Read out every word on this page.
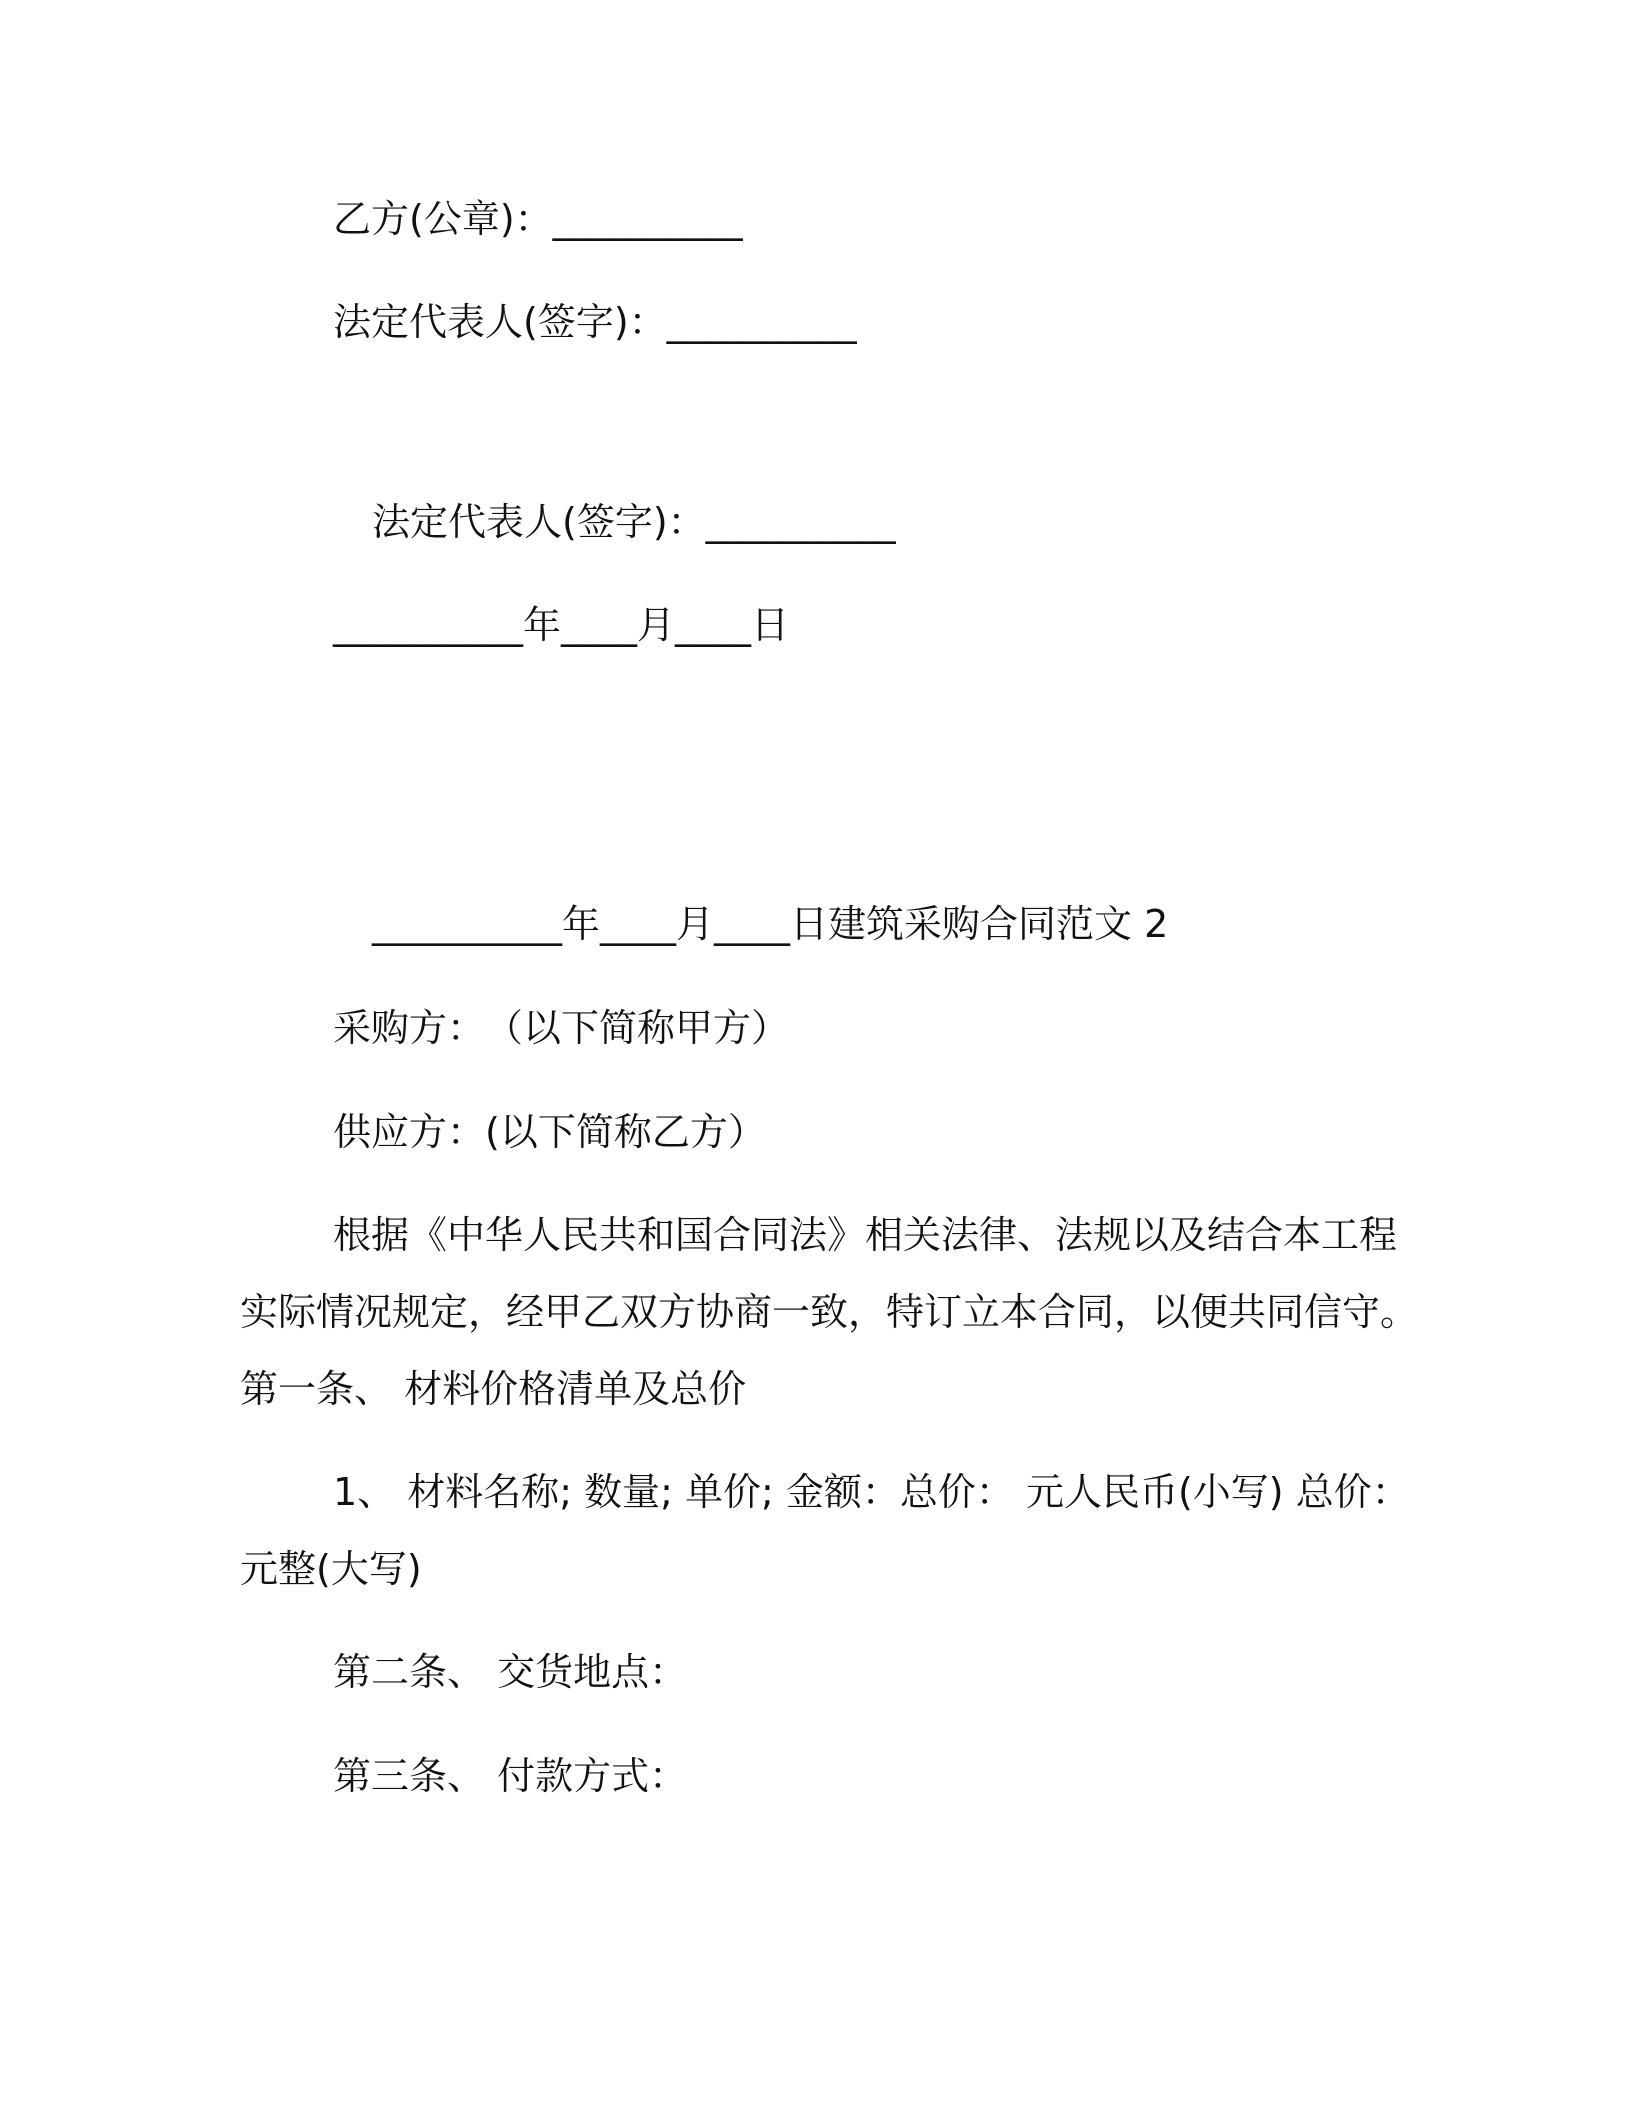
乙方(公章)：__________
法定代表人(签字)：__________
法定代表人(签字)：__________
__________年____月____日
__________年____月____日建筑采购合同范文 2
采购方：　（以下简称甲方）
供应方：(以下简称乙方）
根据《中华人民共和国合同法》相关法律、法规以及结合本工程
实际情况规定，经甲乙双方协商一致，特订立本合同，以便共同信守。
第一条、 材料价格清单及总价
1、 材料名称; 数量; 单价; 金额：总价： 元人民币(小写) 总价：
元整(大写)
第二条、 交货地点：
第三条、 付款方式：
